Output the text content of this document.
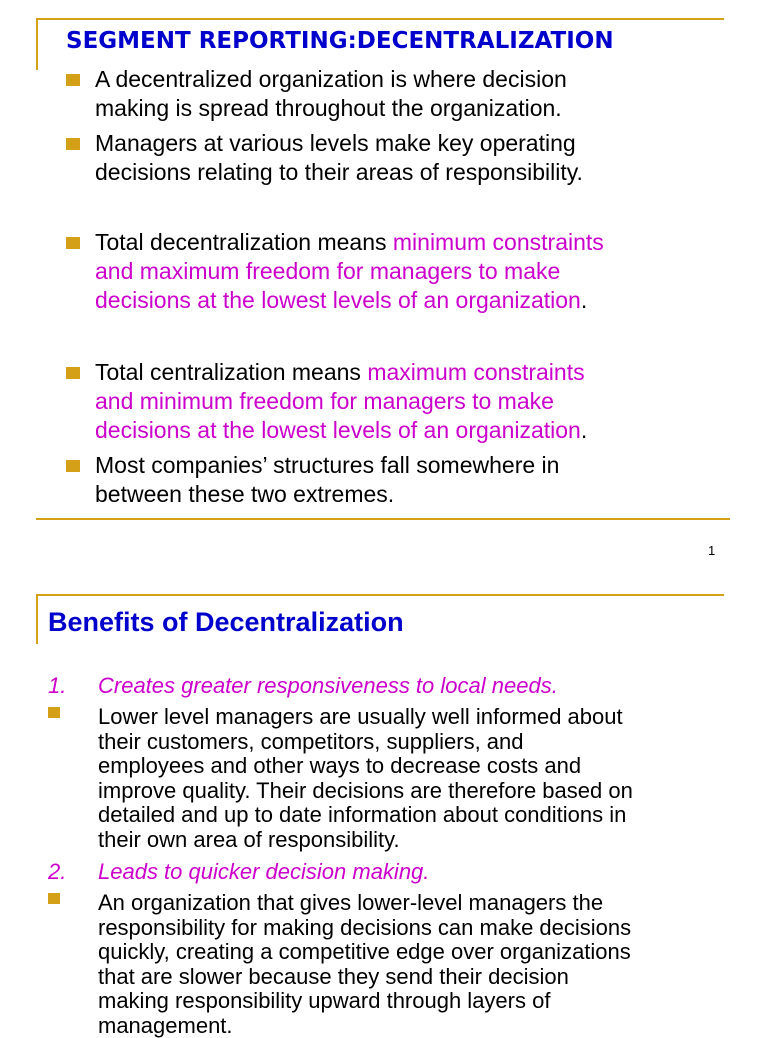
A decentralized organization is where decision
making is spread throughout the organization.
Managers at various levels make key operating
decisions relating to their areas of responsibility.
Total decentralization means minimum constraints
and maximum freedom for managers to make
decisions at the lowest levels of an organization.
Total centralization means maximum constraints
and minimum freedom for managers to make
decisions at the lowest levels of an organization.
Most companies’ structures fall somewhere in
between these two extremes.
SEGMENT REPORTING:DECENTRALIZATION
1
Benefits of Decentralization
1. Creates greater responsiveness to local needs.
Lower level managers are usually well informed about
their customers, competitors, suppliers, and
employees and other ways to decrease costs and
improve quality. Their decisions are therefore based on
detailed and up to date information about conditions in
their own area of responsibility.
2. Leads to quicker decision making.
An organization that gives lower-level managers the
responsibility for making decisions can make decisions
quickly, creating a competitive edge over organizations
that are slower because they send their decision
making responsibility upward through layers of
management.
